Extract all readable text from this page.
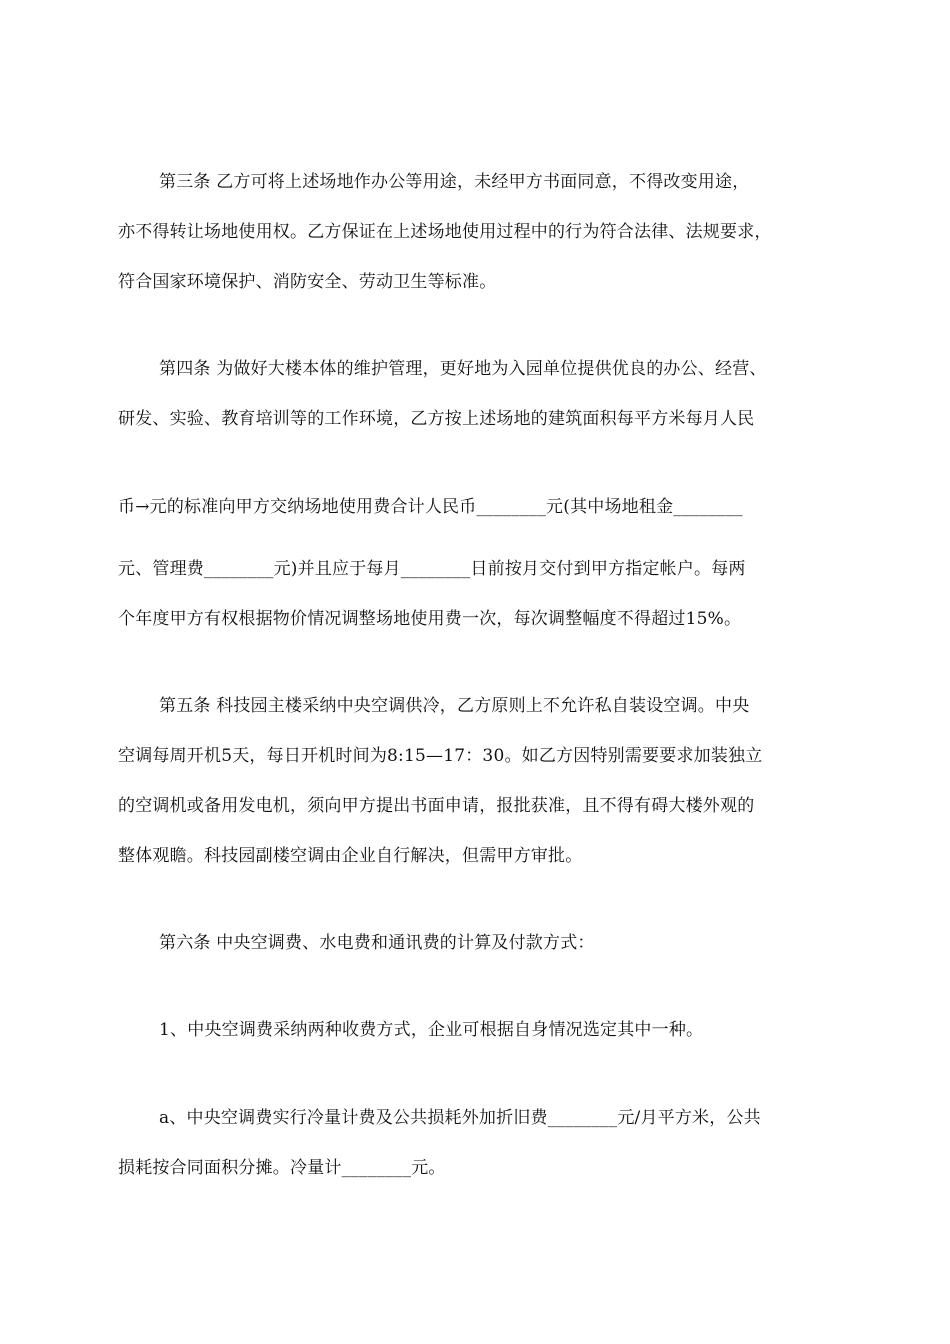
第三条 乙方可将上述场地作办公等用途，未经甲方书面同意，不得改变用途，
亦不得转让场地使用权。乙方保证在上述场地使用过程中的行为符合法律、法规要求，
符合国家环境保护、消防安全、劳动卫生等标准。
第四条 为做好大楼本体的维护管理，更好地为入园单位提供优良的办公、经营、
研发、实验、教育培训等的工作环境，乙方按上述场地的建筑面积每平方米每月人民
币→元的标准向甲方交纳场地使用费合计人民币________元(其中场地租金________
元、管理费________元)并且应于每月________日前按月交付到甲方指定帐户。每两
个年度甲方有权根据物价情况调整场地使用费一次，每次调整幅度不得超过15%。
第五条 科技园主楼采纳中央空调供冷，乙方原则上不允许私自装设空调。中央
空调每周开机5天，每日开机时间为8:15—17：30。如乙方因特别需要要求加装独立
的空调机或备用发电机，须向甲方提出书面申请，报批获准，且不得有碍大楼外观的
整体观瞻。科技园副楼空调由企业自行解决，但需甲方审批。
第六条 中央空调费、水电费和通讯费的计算及付款方式：
1、中央空调费采纳两种收费方式，企业可根据自身情况选定其中一种。
a、中央空调费实行冷量计费及公共损耗外加折旧费________元/月平方米，公共
损耗按合同面积分摊。冷量计________元。
